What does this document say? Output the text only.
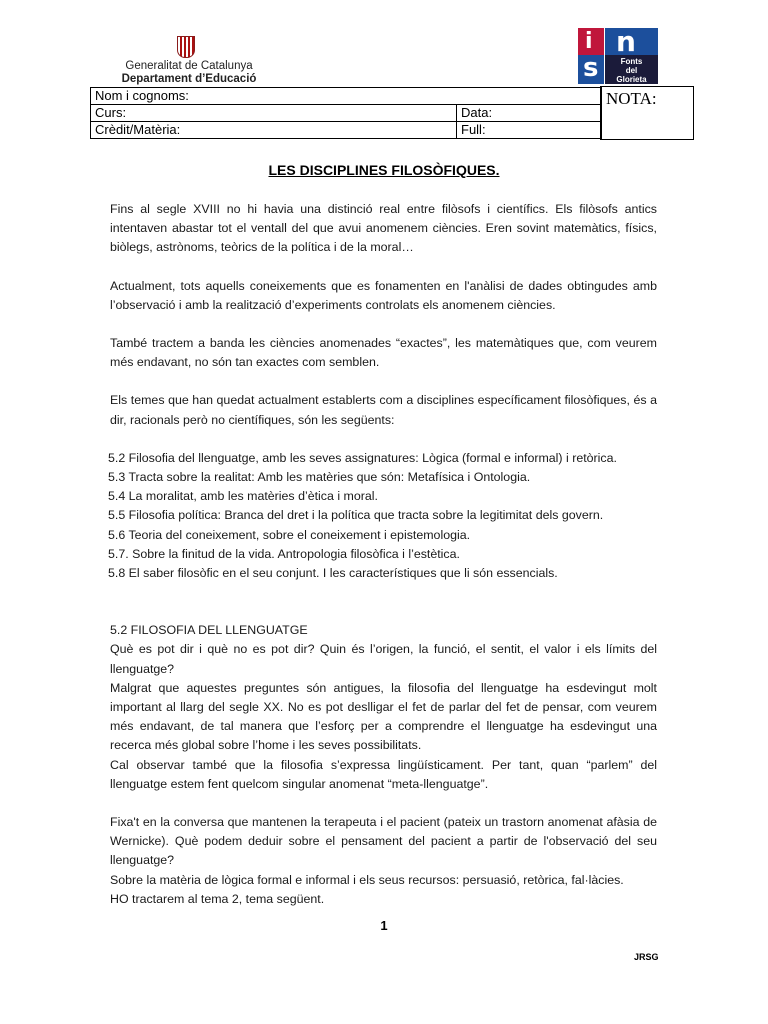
Generalitat de Catalunya
Departament d’Educació
i n
s	Fonts
del
Glorieta
Nom i cognoms:	
Curs:	Data:
Crèdit/Matèria:	Full:
NOTA:
LES DISCIPLINES FILOSÒFIQUES.

Fins al segle XVIII no hi havia una distinció real entre filòsofs i científics. Els filòsofs antics intentaven abastar tot el ventall del que avui anomenem ciències. Eren sovint matemàtics, físics, biòlegs, astrònoms, teòrics de la política i de la moral…

Actualment, tots aquells coneixements que es fonamenten en l'anàlisi de dades obtingudes amb l’observació i amb la realització d’experiments controlats els anomenem ciències.

També tractem a banda les ciències anomenades “exactes”, les matemàtiques que, com veurem més endavant, no són tan exactes com semblen.

Els temes que han quedat actualment establerts com a disciplines específicament filosòfiques, és a dir, racionals però no científiques, són les següents:

5.2 Filosofia del llenguatge, amb les seves assignatures: Lògica (formal e informal) i retòrica.
5.3 Tracta sobre la realitat: Amb les matèries que són: Metafísica i Ontologia.
5.4 La moralitat, amb les matèries d’ètica i moral.
5.5 Filosofia política: Branca del dret i la política que tracta sobre la legitimitat dels govern.
5.6 Teoria del coneixement, sobre el coneixement i epistemologia.
5.7. Sobre la finitud de la vida. Antropologia filosòfica i l’estètica.
5.8 El saber filosòfic en el seu conjunt. I les característiques que li són essencials.

5.2 FILOSOFIA DEL LLENGUATGE

Què es pot dir i què no es pot dir? Quin és l’origen, la funció, el sentit, el valor i els límits del llenguatge?

Malgrat que aquestes preguntes són antigues, la filosofia del llenguatge ha esdevingut molt important al llarg del segle XX. No es pot deslligar el fet de parlar del fet de pensar, com veurem més endavant, de tal manera que l’esforç per a comprendre el llenguatge ha esdevingut una recerca més global sobre l’home i les seves possibilitats.

Cal observar també que la filosofia s’expressa lingüísticament. Per tant, quan “parlem” del llenguatge estem fent quelcom singular anomenat “meta-llenguatge”.

Fixa't en la conversa que mantenen la terapeuta i el pacient (pateix un trastorn anomenat afàsia de Wernicke). Què podem deduir sobre el pensament del pacient a partir de l'observació del seu llenguatge?

Sobre la matèria de lògica formal e informal i els seus recursos: persuasió, retòrica, fal·làcies.

HO tractarem al tema 2, tema següent.

1
JRSG
